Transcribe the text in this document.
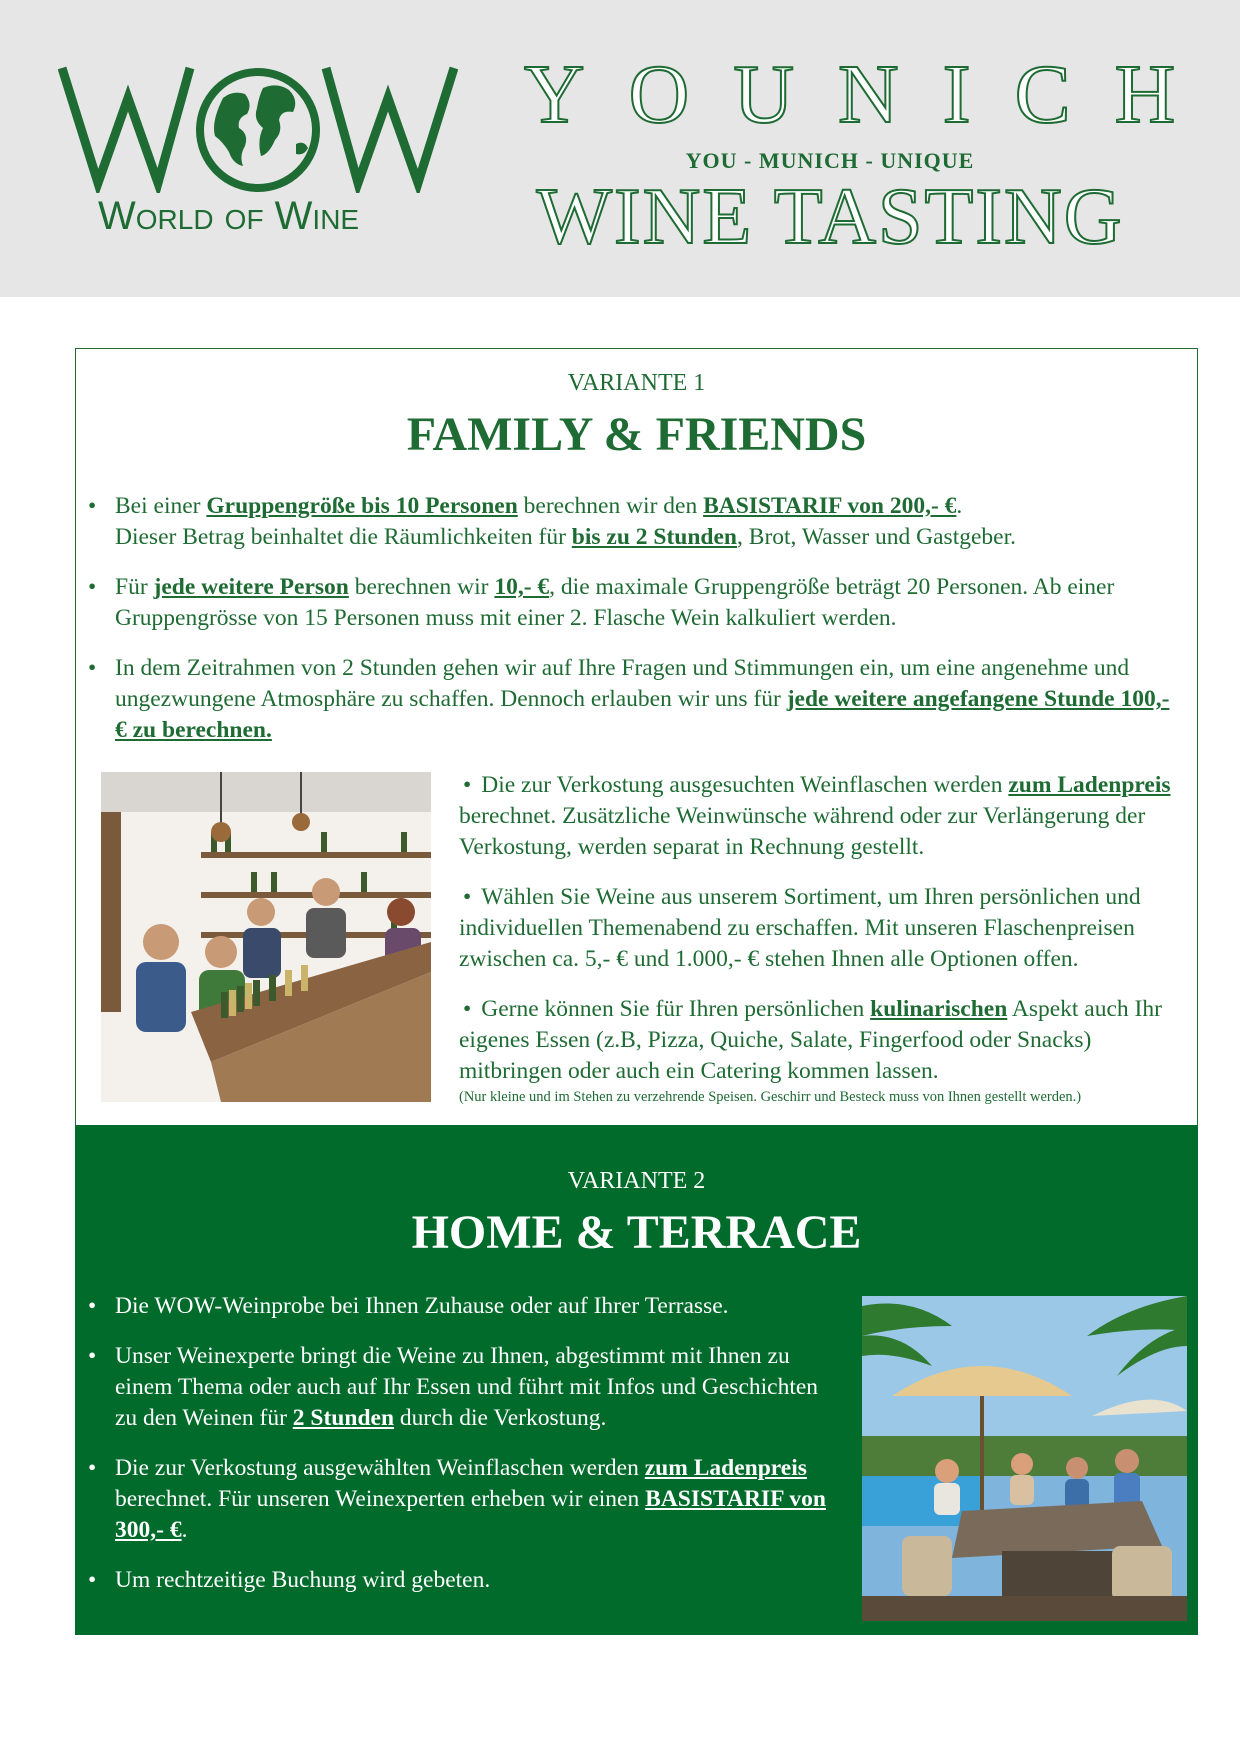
World of Wine
YOUNICH
YOU - MUNICH - UNIQUE
WINE TASTING
VARIANTE 1
FAMILY & FRIENDS
• Bei einer Gruppengröße bis 10 Personen berechnen wir den BASISTARIF von 200,- €.
Dieser Betrag beinhaltet die Räumlichkeiten für bis zu 2 Stunden, Brot, Wasser und Gastgeber.
• Für jede weitere Person berechnen wir 10,- €, die maximale Gruppengröße beträgt 20 Personen. Ab einer Gruppengrösse von 15 Personen muss mit einer 2. Flasche Wein kalkuliert werden.
• In dem Zeitrahmen von 2 Stunden gehen wir auf Ihre Fragen und Stimmungen ein, um eine angenehme und ungezwungene Atmosphäre zu schaffen. Dennoch erlauben wir uns für jede weitere angefangene Stunde 100,- € zu berechnen.
• Die zur Verkostung ausgesuchten Weinflaschen werden zum Ladenpreis berechnet. Zusätzliche Weinwünsche während oder zur Verlängerung der Verkostung, werden separat in Rechnung gestellt.
• Wählen Sie Weine aus unserem Sortiment, um Ihren persönlichen und individuellen Themenabend zu erschaffen. Mit unseren Flaschenpreisen zwischen ca. 5,- € und 1.000,- € stehen Ihnen alle Optionen offen.
• Gerne können Sie für Ihren persönlichen kulinarischen Aspekt auch Ihr eigenes Essen (z.B, Pizza, Quiche, Salate, Fingerfood oder Snacks) mitbringen oder auch ein Catering kommen lassen.
(Nur kleine und im Stehen zu verzehrende Speisen. Geschirr und Besteck muss von Ihnen gestellt werden.)
VARIANTE 2
HOME & TERRACE
• Die WOW-Weinprobe bei Ihnen Zuhause oder auf Ihrer Terrasse.
• Unser Weinexperte bringt die Weine zu Ihnen, abgestimmt mit Ihnen zu einem Thema oder auch auf Ihr Essen und führt mit Infos und Geschichten zu den Weinen für 2 Stunden durch die Verkostung.
• Die zur Verkostung ausgewählten Weinflaschen werden zum Ladenpreis berechnet. Für unseren Weinexperten erheben wir einen BASISTARIF von 300,- €.
• Um rechtzeitige Buchung wird gebeten.
